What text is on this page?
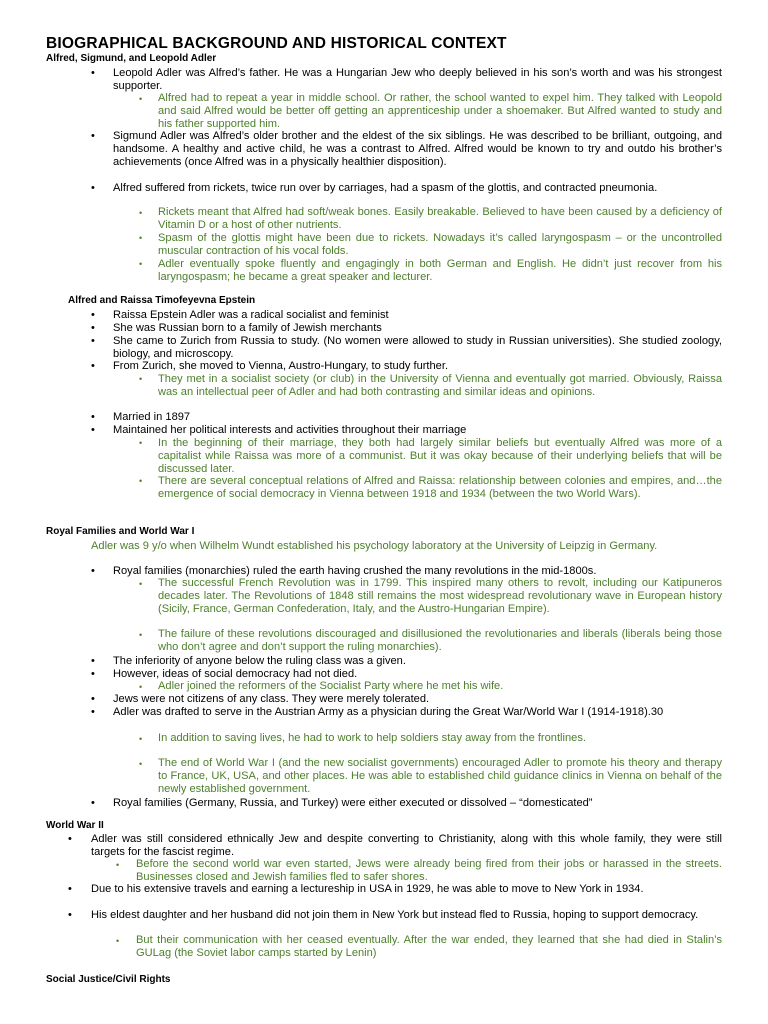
BIOGRAPHICAL BACKGROUND AND HISTORICAL CONTEXT
Alfred, Sigmund, and Leopold Adler
• Leopold Adler was Alfred’s father. He was a Hungarian Jew who deeply believed in his son’s worth and was his strongest supporter.
• Alfred had to repeat a year in middle school. Or rather, the school wanted to expel him. They talked with Leopold and said Alfred would be better off getting an apprenticeship under a shoemaker. But Alfred wanted to study and his father supported him.
• Sigmund Adler was Alfred’s older brother and the eldest of the six siblings. He was described to be brilliant, outgoing, and handsome. A healthy and active child, he was a contrast to Alfred. Alfred would be known to try and outdo his brother’s achievements (once Alfred was in a physically healthier disposition).
• Alfred suffered from rickets, twice run over by carriages, had a spasm of the glottis, and contracted pneumonia.
• Rickets meant that Alfred had soft/weak bones. Easily breakable. Believed to have been caused by a deficiency of Vitamin D or a host of other nutrients.
• Spasm of the glottis might have been due to rickets. Nowadays it’s called laryngospasm – or the uncontrolled muscular contraction of his vocal folds.
• Adler eventually spoke fluently and engagingly in both German and English. He didn’t just recover from his laryngospasm; he became a great speaker and lecturer.
Alfred and Raissa Timofeyevna Epstein
• Raissa Epstein Adler was a radical socialist and feminist
• She was Russian born to a family of Jewish merchants
• She came to Zurich from Russia to study. (No women were allowed to study in Russian universities). She studied zoology, biology, and microscopy.
• From Zurich, she moved to Vienna, Austro-Hungary, to study further.
• They met in a socialist society (or club) in the University of Vienna and eventually got married. Obviously, Raissa was an intellectual peer of Adler and had both contrasting and similar ideas and opinions.
• Married in 1897
• Maintained her political interests and activities throughout their marriage
• In the beginning of their marriage, they both had largely similar beliefs but eventually Alfred was more of a capitalist while Raissa was more of a communist. But it was okay because of their underlying beliefs that will be discussed later.
• There are several conceptual relations of Alfred and Raissa: relationship between colonies and empires, and…the emergence of social democracy in Vienna between 1918 and 1934 (between the two World Wars).
Royal Families and World War I
Adler was 9 y/o when Wilhelm Wundt established his psychology laboratory at the University of Leipzig in Germany.
• Royal families (monarchies) ruled the earth having crushed the many revolutions in the mid-1800s.
• The successful French Revolution was in 1799. This inspired many others to revolt, including our Katipuneros decades later. The Revolutions of 1848 still remains the most widespread revolutionary wave in European history (Sicily, France, German Confederation, Italy, and the Austro-Hungarian Empire).
• The failure of these revolutions discouraged and disillusioned the revolutionaries and liberals (liberals being those who don’t agree and don’t support the ruling monarchies).
• The inferiority of anyone below the ruling class was a given.
• However, ideas of social democracy had not died.
• Adler joined the reformers of the Socialist Party where he met his wife.
• Jews were not citizens of any class. They were merely tolerated.
• Adler was drafted to serve in the Austrian Army as a physician during the Great War/World War I (1914-1918).30
• In addition to saving lives, he had to work to help soldiers stay away from the frontlines.
• The end of World War I (and the new socialist governments) encouraged Adler to promote his theory and therapy to France, UK, USA, and other places. He was able to established child guidance clinics in Vienna on behalf of the newly established government.
• Royal families (Germany, Russia, and Turkey) were either executed or dissolved – “domesticated”
World War II
• Adler was still considered ethnically Jew and despite converting to Christianity, along with this whole family, they were still targets for the fascist regime.
• Before the second world war even started, Jews were already being fired from their jobs or harassed in the streets. Businesses closed and Jewish families fled to safer shores.
• Due to his extensive travels and earning a lectureship in USA in 1929, he was able to move to New York in 1934.
• His eldest daughter and her husband did not join them in New York but instead fled to Russia, hoping to support democracy.
• But their communication with her ceased eventually. After the war ended, they learned that she had died in Stalin’s GULag (the Soviet labor camps started by Lenin)
Social Justice/Civil Rights
